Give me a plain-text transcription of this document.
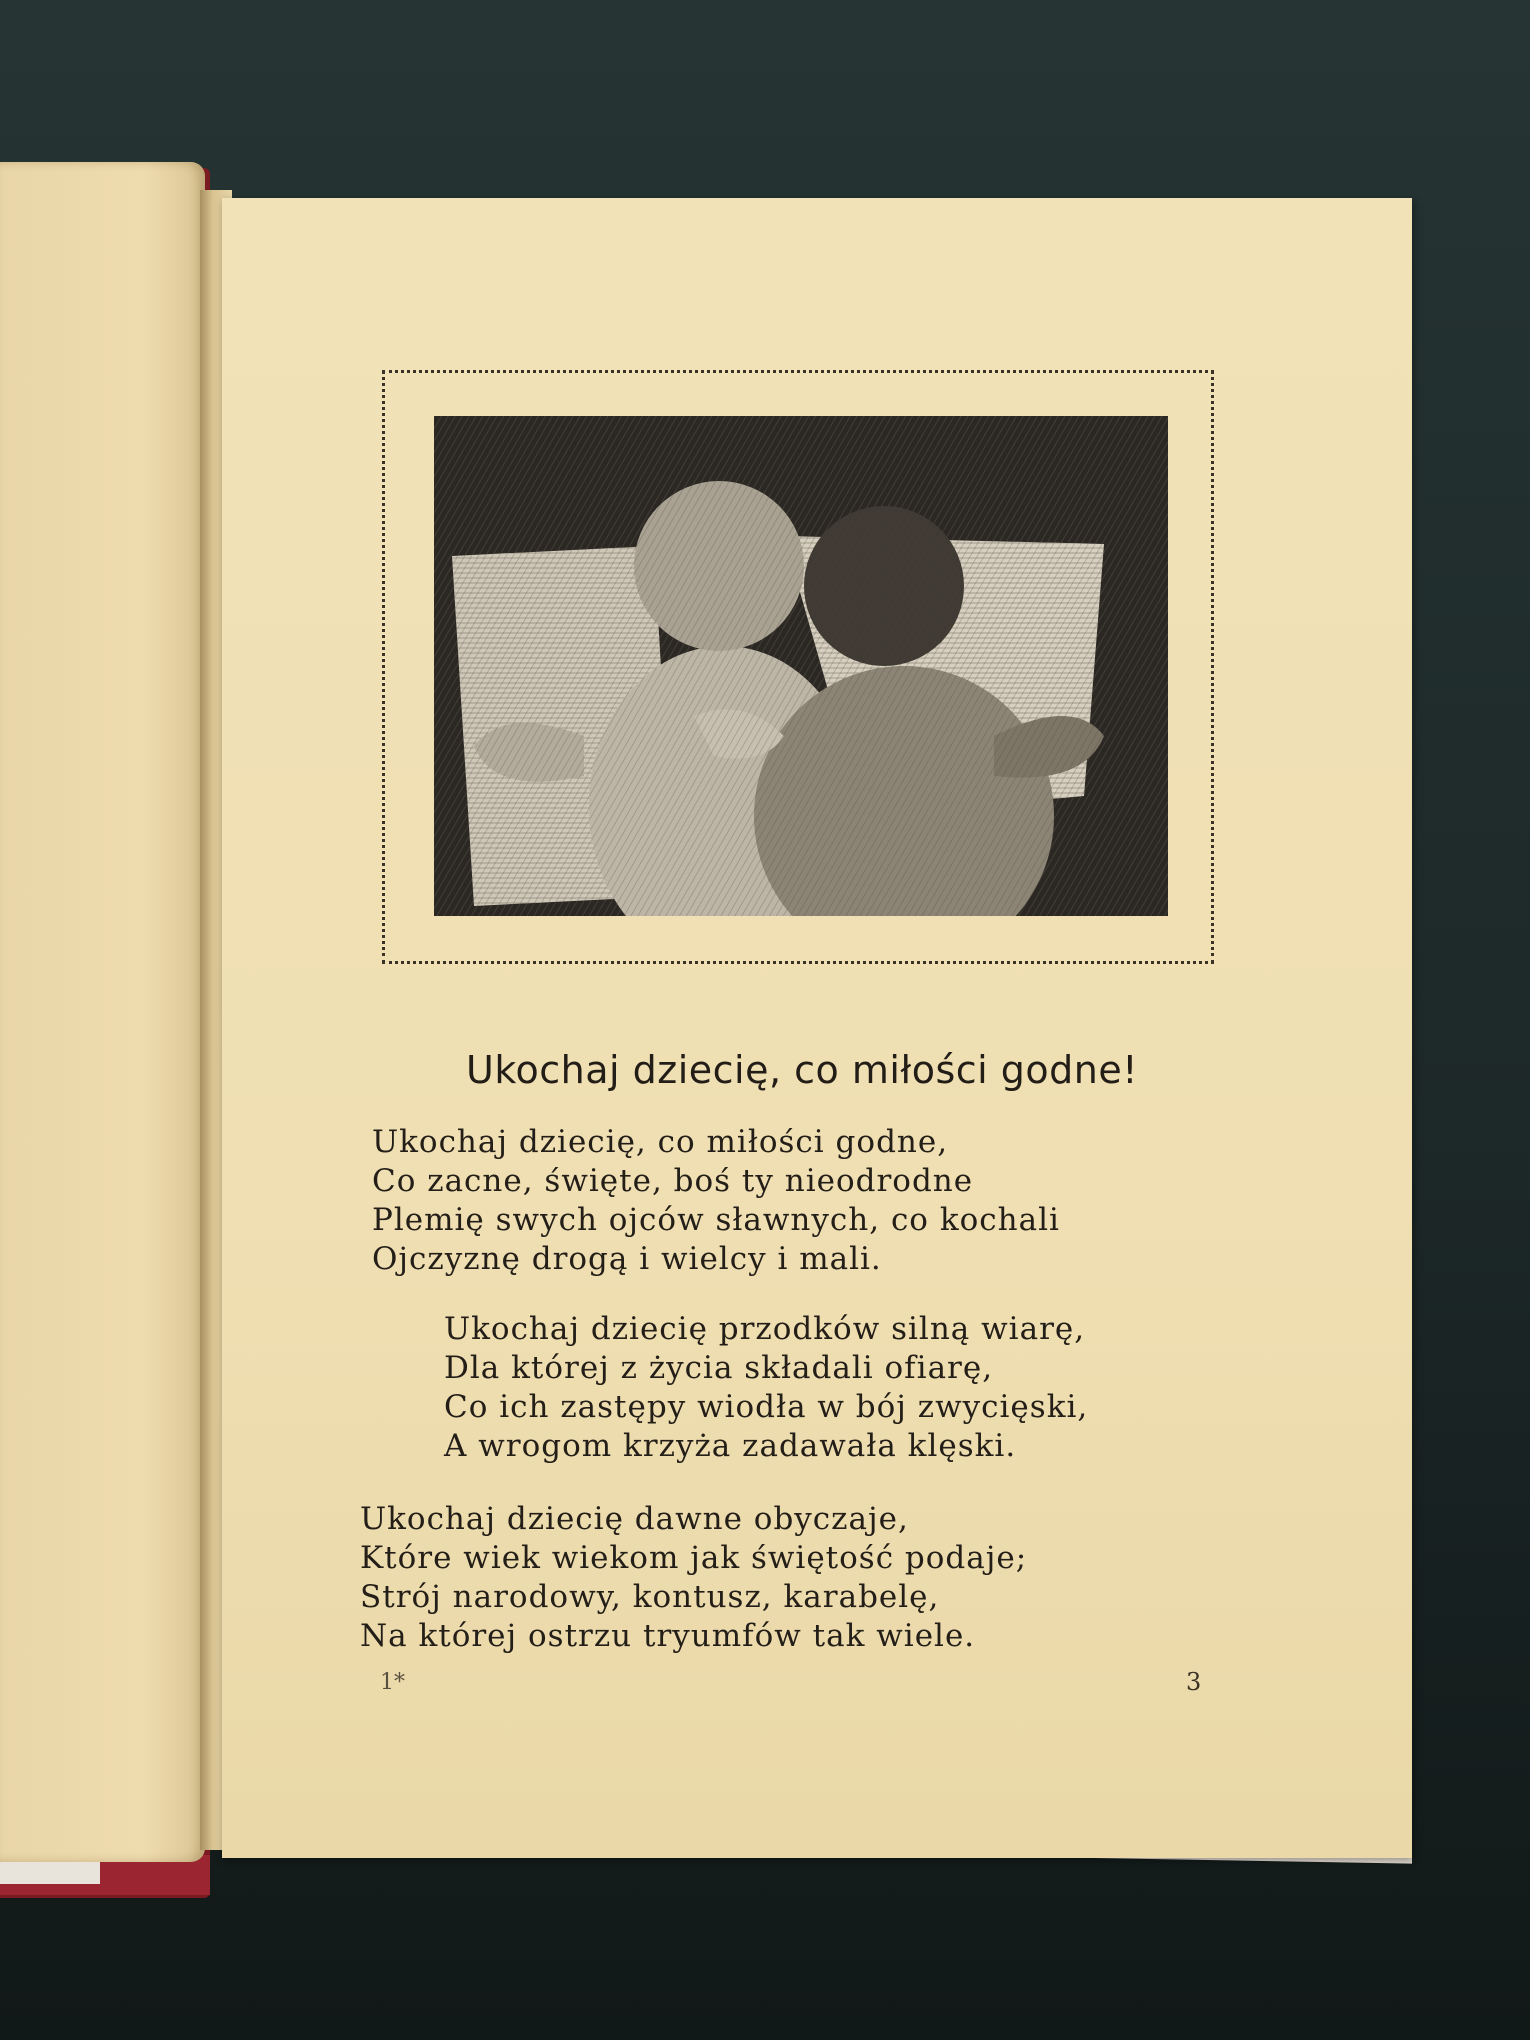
Ukochaj dziecię, co miłości godne!
Ukochaj dziecię, co miłości godne,
Co zacne, święte, boś ty nieodrodne
Plemię swych ojców sławnych, co kochali
Ojczyznę drogą i wielcy i mali.
Ukochaj dziecię przodków silną wiarę,
Dla której z życia składali ofiarę,
Co ich zastępy wiodła w bój zwycięski,
A wrogom krzyża zadawała klęski.
Ukochaj dziecię dawne obyczaje,
Które wiek wiekom jak świętość podaje;
Strój narodowy, kontusz, karabelę,
Na której ostrzu tryumfów tak wiele.
1*	3
